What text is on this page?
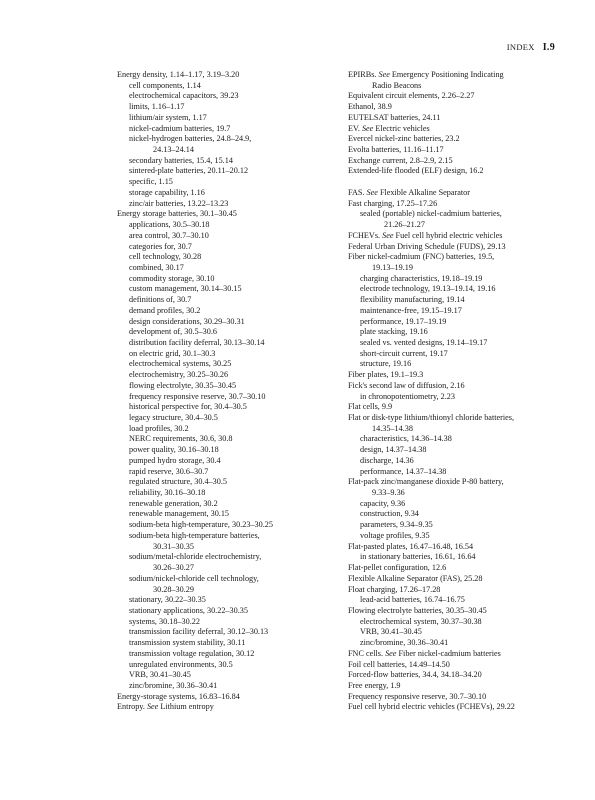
INDEX I.9
Energy density, 1.14–1.17, 3.19–3.20
cell components, 1.14
electrochemical capacitors, 39.23
limits, 1.16–1.17
lithium/air system, 1.17
nickel-cadmium batteries, 19.7
nickel-hydrogen batteries, 24.8–24.9,
24.13–24.14
secondary batteries, 15.4, 15.14
sintered-plate batteries, 20.11–20.12
specific, 1.15
storage capability, 1.16
zinc/air batteries, 13.22–13.23
Energy storage batteries, 30.1–30.45
applications, 30.5–30.18
area control, 30.7–30.10
categories for, 30.7
cell technology, 30.28
combined, 30.17
commodity storage, 30.10
custom management, 30.14–30.15
definitions of, 30.7
demand profiles, 30.2
design considerations, 30.29–30.31
development of, 30.5–30.6
distribution facility deferral, 30.13–30.14
on electric grid, 30.1–30.3
electrochemical systems, 30.25
electrochemistry, 30.25–30.26
flowing electrolyte, 30.35–30.45
frequency responsive reserve, 30.7–30.10
historical perspective for, 30.4–30.5
legacy structure, 30.4–30.5
load profiles, 30.2
NERC requirements, 30.6, 30.8
power quality, 30.16–30.18
pumped hydro storage, 30.4
rapid reserve, 30.6–30.7
regulated structure, 30.4–30.5
reliability, 30.16–30.18
renewable generation, 30.2
renewable management, 30.15
sodium-beta high-temperature, 30.23–30.25
sodium-beta high-temperature batteries,
30.31–30.35
sodium/metal-chloride electrochemistry,
30.26–30.27
sodium/nickel-chloride cell technology,
30.28–30.29
stationary, 30.22–30.35
stationary applications, 30.22–30.35
systems, 30.18–30.22
transmission facility deferral, 30.12–30.13
transmission system stability, 30.11
transmission voltage regulation, 30.12
unregulated environments, 30.5
VRB, 30.41–30.45
zinc/bromine, 30.36–30.41
Energy-storage systems, 16.83–16.84
Entropy. See Lithium entropy
EPIRBs. See Emergency Positioning Indicating
Radio Beacons
Equivalent circuit elements, 2.26–2.27
Ethanol, 38.9
EUTELSAT batteries, 24.11
EV. See Electric vehicles
Evercel nickel-zinc batteries, 23.2
Evolta batteries, 11.16–11.17
Exchange current, 2.8–2.9, 2.15
Extended-life flooded (ELF) design, 16.2
FAS. See Flexible Alkaline Separator
Fast charging, 17.25–17.26
sealed (portable) nickel-cadmium batteries,
21.26–21.27
FCHEVs. See Fuel cell hybrid electric vehicles
Federal Urban Driving Schedule (FUDS), 29.13
Fiber nickel-cadmium (FNC) batteries, 19.5,
19.13–19.19
charging characteristics, 19.18–19.19
electrode technology, 19.13–19.14, 19.16
flexibility manufacturing, 19.14
maintenance-free, 19.15–19.17
performance, 19.17–19.19
plate stacking, 19.16
sealed vs. vented designs, 19.14–19.17
short-circuit current, 19.17
structure, 19.16
Fiber plates, 19.1–19.3
Fick's second law of diffusion, 2.16
in chronopotentiometry, 2.23
Flat cells, 9.9
Flat or disk-type lithium/thionyl chloride batteries,
14.35–14.38
characteristics, 14.36–14.38
design, 14.37–14.38
discharge, 14.36
performance, 14.37–14.38
Flat-pack zinc/manganese dioxide P-80 battery,
9.33–9.36
capacity, 9.36
construction, 9.34
parameters, 9.34–9.35
voltage profiles, 9.35
Flat-pasted plates, 16.47–16.48, 16.54
in stationary batteries, 16.61, 16.64
Flat-pellet configuration, 12.6
Flexible Alkaline Separator (FAS), 25.28
Float charging, 17.26–17.28
lead-acid batteries, 16.74–16.75
Flowing electrolyte batteries, 30.35–30.45
electrochemical system, 30.37–30.38
VRB, 30.41–30.45
zinc/bromine, 30.36–30.41
FNC cells. See Fiber nickel-cadmium batteries
Foil cell batteries, 14.49–14.50
Forced-flow batteries, 34.4, 34.18–34.20
Free energy, 1.9
Frequency responsive reserve, 30.7–30.10
Fuel cell hybrid electric vehicles (FCHEVs), 29.22
